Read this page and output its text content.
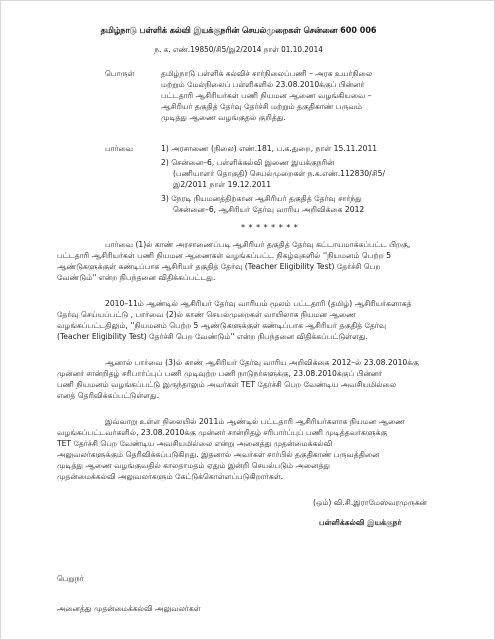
தமிழ்நாடு பள்ளிக் கல்வி இயக்குநரின் செயல்முறைகள் சென்னை 600 006
ந. க. எண்.19850/சி5/இ2/2014 நாள் 01.10.2014
பொருள்	தமிழ்நாடு பள்ளிக் கல்விச் சார்நிலைப்பணி – அரசு உயர்நிலை
மற்றும் மேல்நிலைப் பள்ளிகளில் 23.08.2010க்குப் பின்னர்
பட்டதாரி ஆசிரியர்கள் பணி நியமன ஆணை வழங்கியவை –
ஆசிரியர் தகுதித் தேர்வு தேர்ச்சி மற்றும் தகுதிகாண் பருவம்
முடித்து ஆணை வழங்குதல் குறித்து.
பார்வை	1) அரசாணை (நிலை) எண்.181, ப.க.துறை, நாள் 15.11.2011
2) சென்னை–6, பள்ளிக்கல்வி இணை இயக்குநரின்
(பணியாளர் தொகுதி) செயல்முறைகள் ந.க.எண்.112830/சி5/
இ2/2011 நாள் 19.12.2011
3) நேரடி நியமனத்திற்கான ஆசிரியர் தகுதித் தேர்வு சார்ந்து
சென்னை–6, ஆசிரியர் தேர்வு வாரிய அறிவிக்கை 2012
* * * * * * * *
பார்வை (1)ல் காண் அரசாணைப்படி ஆசிரியர் தகுதித் தேர்வு கட்டாயமாக்கப்பட்ட பிறகு,
பட்டதாரி ஆசிரியர்கள் பணி நியமன ஆணைகள் வழங்கப்பட்ட நிகழ்வுகளில் ''நியமனம் பெற்ற 5
ஆண்டுகளுக்குள் கண்டிப்பாக ஆசிரியர் தகுதித் தேர்வு (Teacher Eligibility Test) தேர்ச்சி பெற
வேண்டும்'' என்ற நிபந்தனை விதிக்கப்பட்டது.
2010–11ம் ஆண்டில் ஆசிரியர் தேர்வு வாரியம் மூலம் பட்டதாரி (தமிழ்) ஆசிரியர்களாகத்
தேர்வு செய்யப்பட்டு , பார்வை (2)ல் காண் செயல்முறைகள் வாயிலாக நியமன ஆணை
வழங்கப்பட்டதிலும், ''நியமனம் பெற்ற 5 ஆண்டுகளுக்குள் கண்டிப்பாக ஆசிரியர் தகுதித் தேர்வு
(Teacher Eligibility Test) தேர்ச்சி பெற வேண்டும்'' என்ற நிபந்தனை விதிக்கப்பட்டுள்ளது.
ஆனால் பார்வை (3)ல் காண் ஆசிரியர் தேர்வு வாரிய அறிவிக்கை 2012–ல் 23.08.2010க்கு
முன்னர் சான்றிதழ் சரிபார்ப்புப் பணி முடிவுற்ற பணி நாடுநர்களுக்கு, 23.08.2010க்குப் பின்னர்
பணி நியமனம் வழங்கப்பட்டு இருந்தாலும் அவர்கள் TET தேர்ச்சி பெற வேண்டிய அவசியமில்லை
எனத் தெரிவிக்கப்பட்டுள்ளது.
இவ்வாறு உள்ள நிலையில் 2011ம் ஆண்டில் பட்டதாரி ஆசிரியர்களாக நியமன ஆணை
வழங்கப்பட்டவர்களில், 23.08.2010க்கு முன்னர் சான்றிதழ் சரிபார்ப்புப் பணி முடித்தவர்களுக்கு
TET தேர்ச்சி பெற வேண்டிய அவசியமில்லை என்று அனைத்து முதன்மைக்கல்வி
அலுவலர்களுக்கும் தெரிவிக்கப்படுகிறது. இதனால் அவர்கள் சார்பில் தகுதிகாண் பருவத்தினை
முடித்து ஆணை வழங்குவதில் காலதாமதம் ஏதும் இன்றி செயல்படும் அனைத்து
முதன்மைக்கல்வி அலுவலர்களும் கேட்டுக்கொள்ளப்படுகிறார்கள்.
(ஒம்) வி.சி.இராமேஸ்வரமுருகன்
பள்ளிக்கல்வி இயக்குநர்
பெறுநர்
அனைத்து முதன்மைக்கல்வி அலுவலர்கள்
